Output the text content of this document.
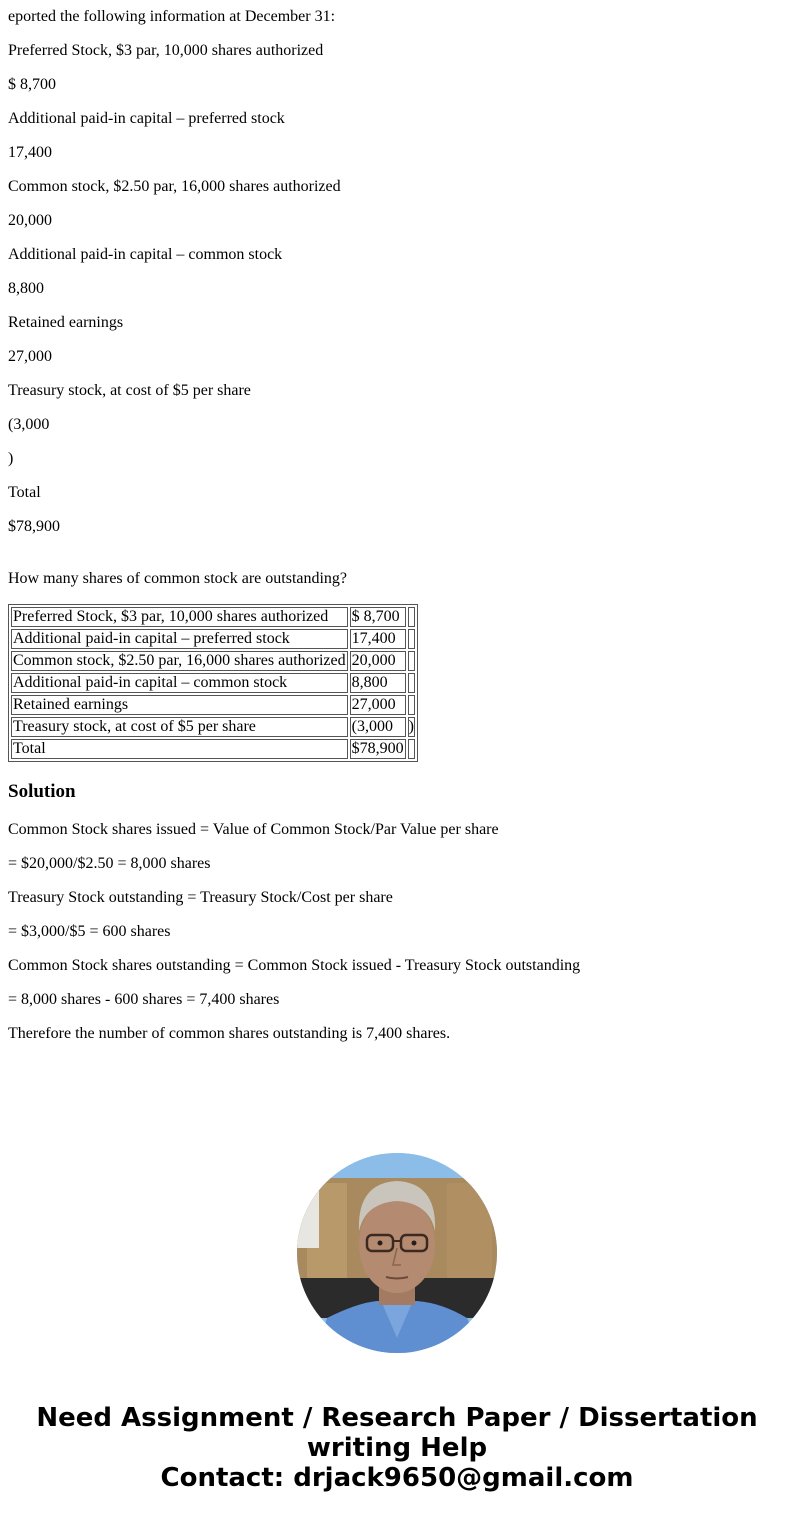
eported the following information at December 31:

Preferred Stock, $3 par, 10,000 shares authorized

$ 8,700

Additional paid-in capital – preferred stock

17,400

Common stock, $2.50 par, 16,000 shares authorized

20,000

Additional paid-in capital – common stock

8,800

Retained earnings

27,000

Treasury stock, at cost of $5 per share

(3,000

)

Total

$78,900

How many shares of common stock are outstanding?

Preferred Stock, $3 par, 10,000 shares authorized	$ 8,700	
Additional paid-in capital – preferred stock	17,400	
Common stock, $2.50 par, 16,000 shares authorized	20,000	
Additional paid-in capital – common stock	8,800	
Retained earnings	27,000	
Treasury stock, at cost of $5 per share	(3,000	)
Total	$78,900	
Solution

Common Stock shares issued = Value of Common Stock/Par Value per share

= $20,000/$2.50 = 8,000 shares

Treasury Stock outstanding = Treasury Stock/Cost per share

= $3,000/$5 = 600 shares

Common Stock shares outstanding = Common Stock issued - Treasury Stock outstanding

= 8,000 shares - 600 shares = 7,400 shares

Therefore the number of common shares outstanding is 7,400 shares.

Need Assignment / Research Paper / Dissertation
writing Help
Contact: drjack9650@gmail.com
